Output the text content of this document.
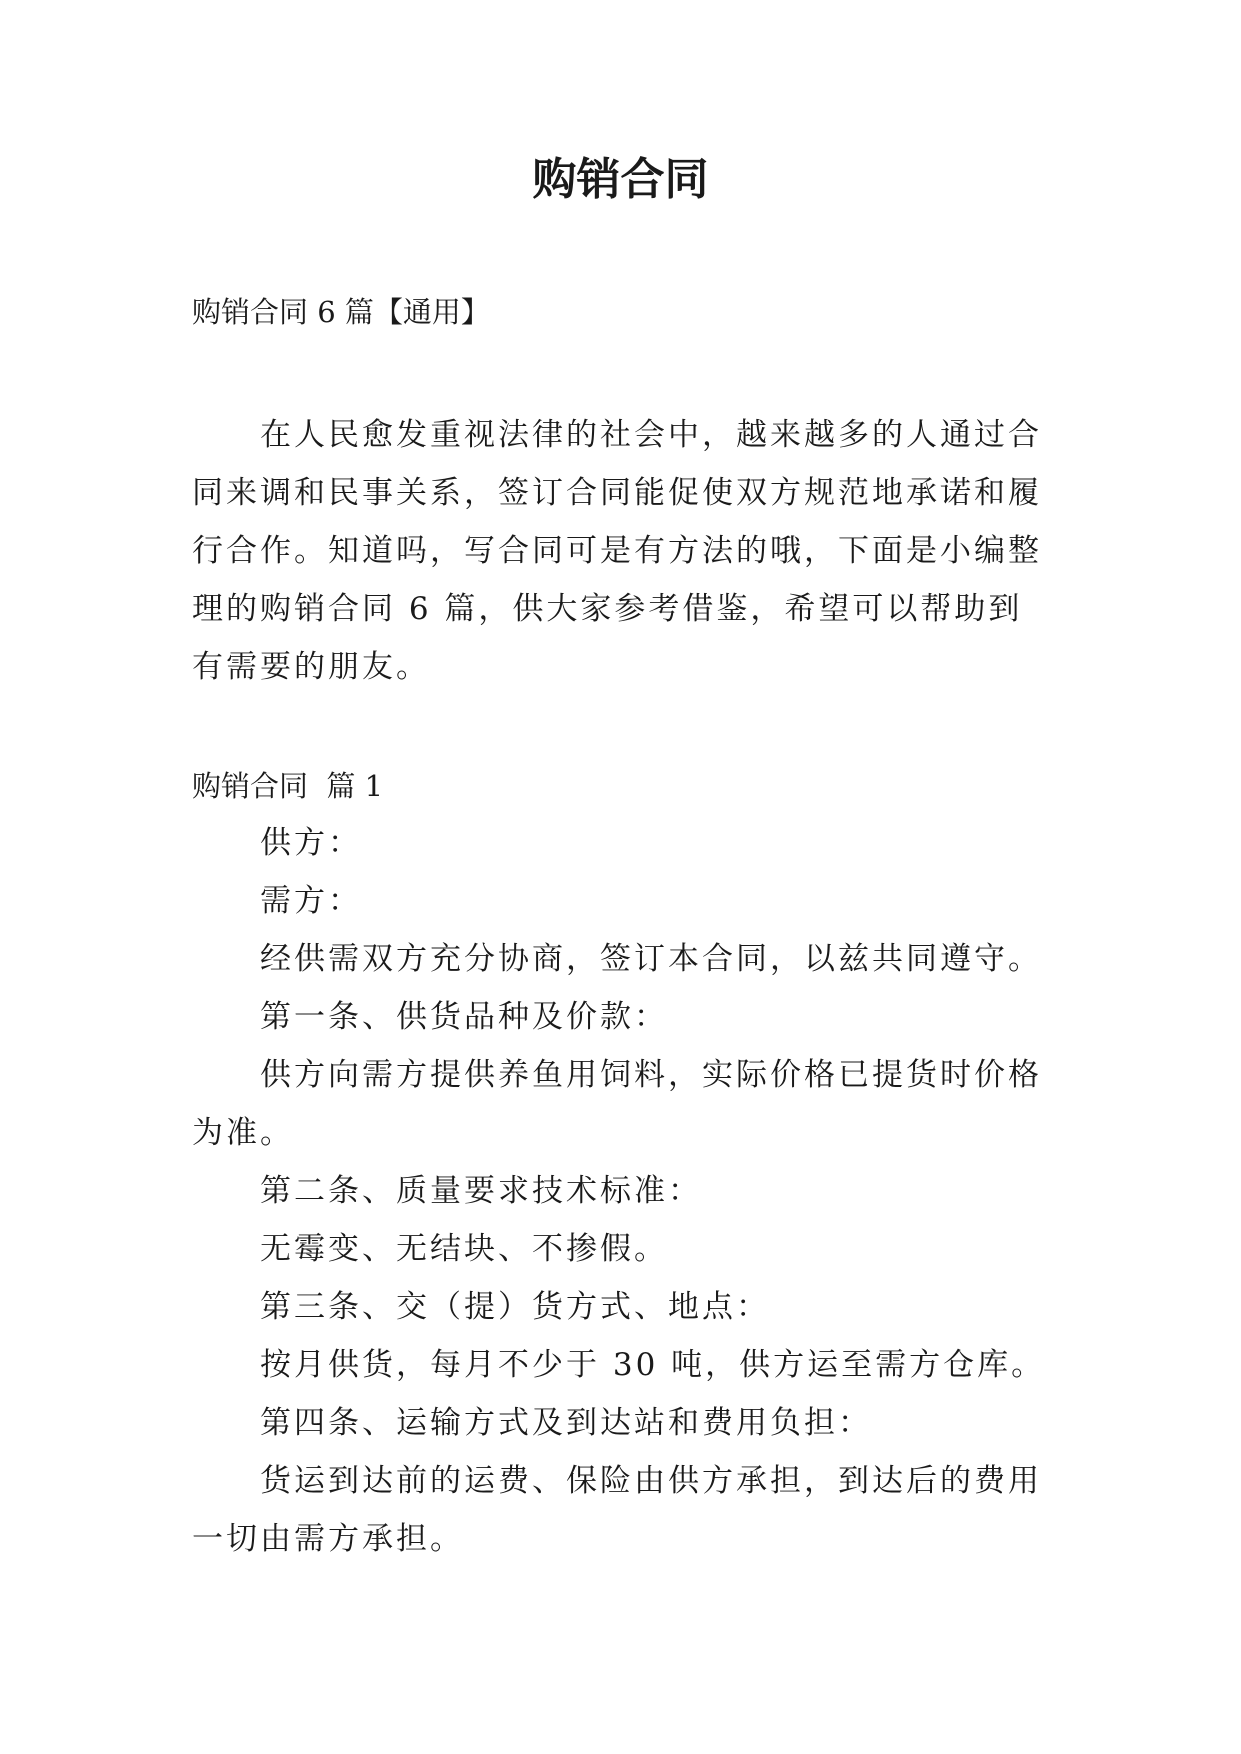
购销合同
购销合同 6 篇【通用】

在人民愈发重视法律的社会中，越来越多的人通过合同来调和民事关系，签订合同能促使双方规范地承诺和履行合作。知道吗，写合同可是有方法的哦，下面是小编整理的购销合同 6 篇，供大家参考借鉴，希望可以帮助到有需要的朋友。

购销合同  篇 1

供方：

需方：

经供需双方充分协商，签订本合同，以兹共同遵守。

第一条、供货品种及价款：

供方向需方提供养鱼用饲料，实际价格已提货时价格为准。

第二条、质量要求技术标准：

无霉变、无结块、不掺假。

第三条、交（提）货方式、地点：

按月供货，每月不少于 30 吨，供方运至需方仓库。

第四条、运输方式及到达站和费用负担：

货运到达前的运费、保险由供方承担，到达后的费用一切由需方承担。
